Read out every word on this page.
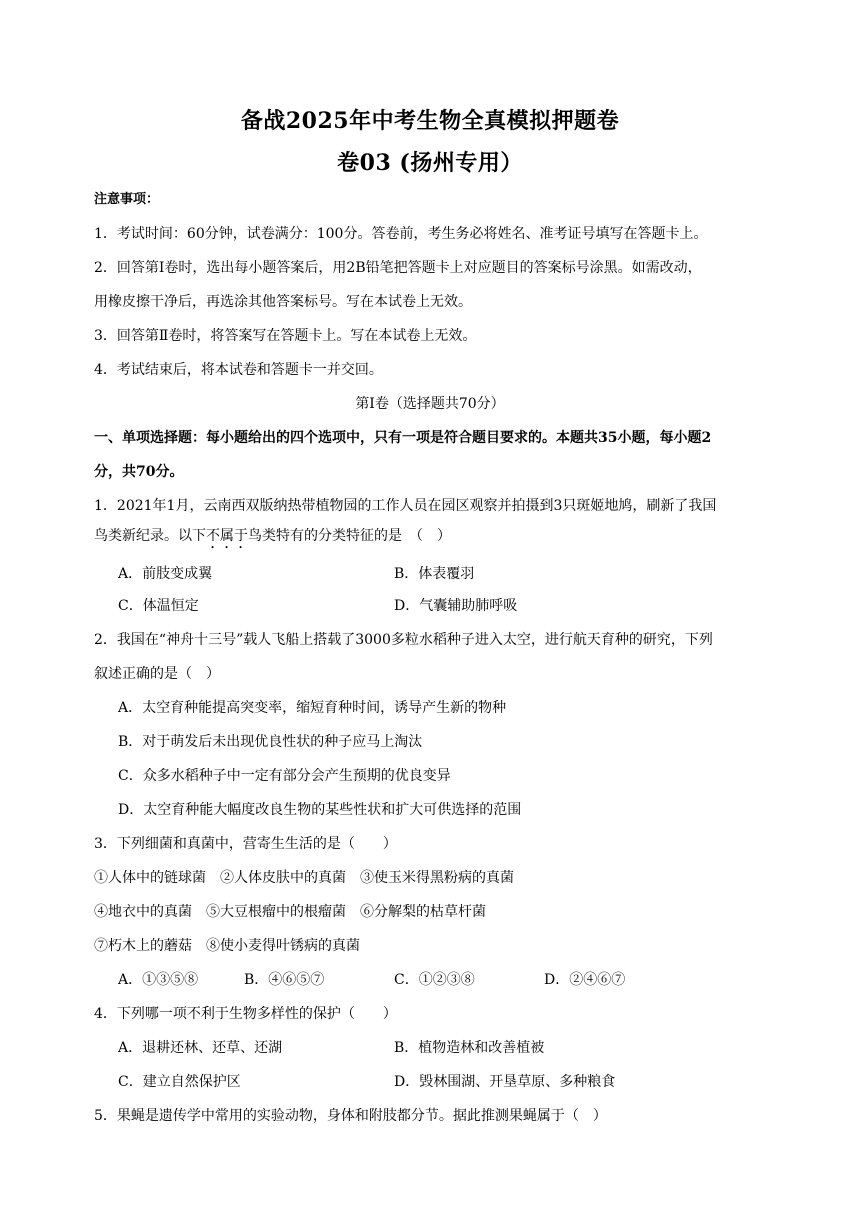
备战2025年中考生物全真模拟押题卷
卷03 (扬州专用）
注意事项：
1．考试时间：60分钟，试卷满分：100分。答卷前，考生务必将姓名、准考证号填写在答题卡上。
2．回答第Ⅰ卷时，选出每小题答案后，用2B铅笔把答题卡上对应题目的答案标号涂黑。如需改动，
用橡皮擦干净后，再选涂其他答案标号。写在本试卷上无效。
3．回答第Ⅱ卷时，将答案写在答题卡上。写在本试卷上无效。
4．考试结束后，将本试卷和答题卡一并交回。
第Ⅰ卷（选择题共70分）
一、单项选择题：每小题给出的四个选项中，只有一项是符合题目要求的。本题共35小题，每小题2
分，共70分。
1．2021年1月，云南西双版纳热带植物园的工作人员在园区观察并拍摄到3只斑姬地鸠，刷新了我国
鸟类新纪录。以下不属于鸟类特有的分类特征的是　（　）
A．前肢变成翼	B．体表覆羽
C．体温恒定	D．气囊辅助肺呼吸
2．我国在“神舟十三号”载人飞船上搭载了3000多粒水稻种子进入太空，进行航天育种的研究，下列
叙述正确的是（　）
A．太空育种能提高突变率，缩短育种时间，诱导产生新的物种
B．对于萌发后未出现优良性状的种子应马上淘汰
C．众多水稻种子中一定有部分会产生预期的优良变异
D．太空育种能大幅度改良生物的某些性状和扩大可供选择的范围
3．下列细菌和真菌中，营寄生生活的是（　　）
①人体中的链球菌　②人体皮肤中的真菌　③使玉米得黑粉病的真菌
④地衣中的真菌　⑤大豆根瘤中的根瘤菌　⑥分解梨的枯草杆菌
⑦朽木上的蘑菇　⑧使小麦得叶锈病的真菌
A．①③⑤⑧	B．④⑥⑤⑦	C．①②③⑧	D．②④⑥⑦
4．下列哪一项不利于生物多样性的保护（　　）
A．退耕还林、还草、还湖	B．植物造林和改善植被
C．建立自然保护区	D．毁林围湖、开垦草原、多种粮食
5．果蝇是遗传学中常用的实验动物，身体和附肢都分节。据此推测果蝇属于（　）
